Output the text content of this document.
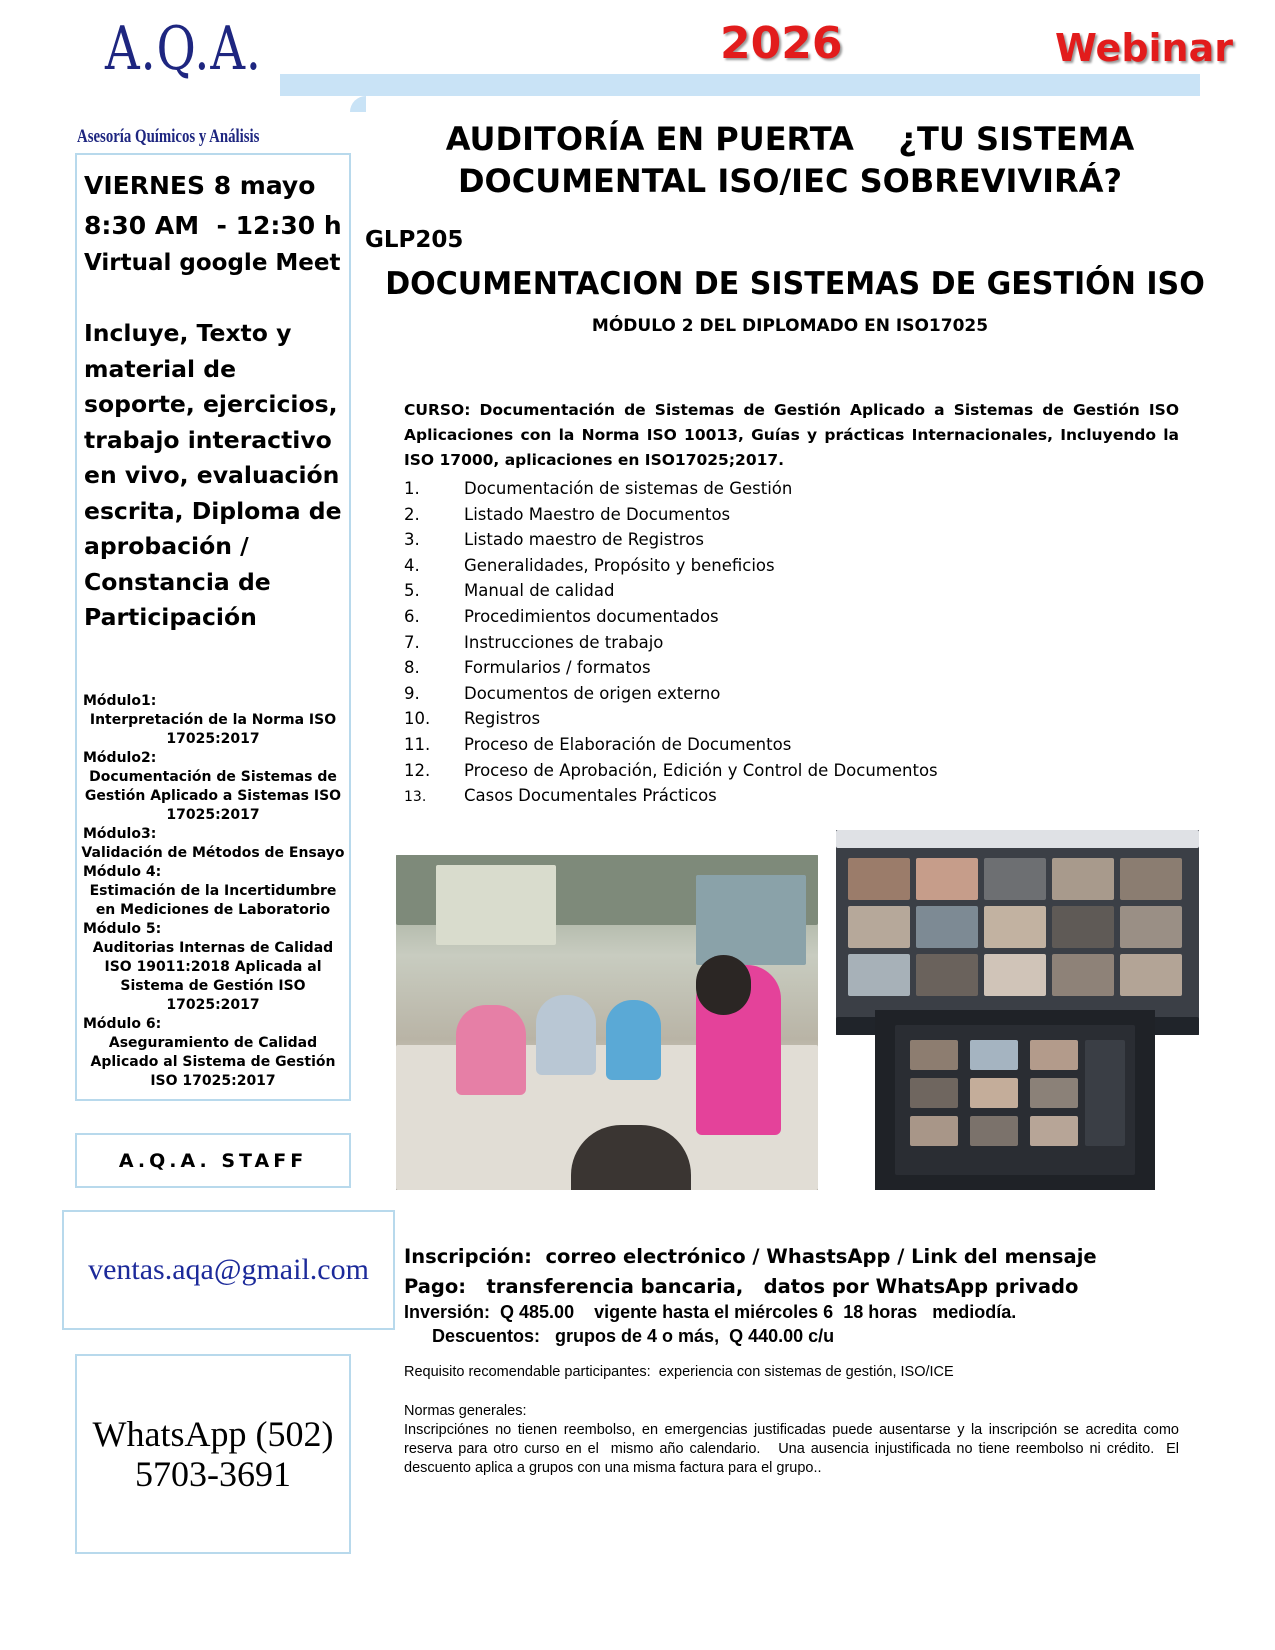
A.Q.A.
Asesoría Químicos y Análisis
2026	Webinar
AUDITORÍA EN PUERTA    ¿TU SISTEMA
DOCUMENTAL ISO/IEC SOBREVIVIRÁ?
GLP205
DOCUMENTACION DE SISTEMAS DE GESTIÓN ISO
MÓDULO 2 DEL DIPLOMADO EN ISO17025
CURSO: Documentación de Sistemas de Gestión Aplicado a Sistemas de Gestión ISO Aplicaciones con la Norma ISO 10013, Guías y prácticas Internacionales, Incluyendo la ISO 17000, aplicaciones en ISO17025;2017.
1.	Documentación de sistemas de Gestión
2.	Listado Maestro de Documentos
3.	Listado maestro de Registros
4.	Generalidades, Propósito y beneficios
5.	Manual de calidad
6.	Procedimientos documentados
7.	Instrucciones de trabajo
8.	Formularios / formatos
9.	Documentos de origen externo
10. Registros
11. Proceso de Elaboración de Documentos
12. Proceso de Aprobación, Edición y Control de Documentos
13. Casos Documentales Prácticos
VIERNES 8 mayo
8:30 AM  - 12:30 h
Virtual google Meet
Incluye, Texto y material de soporte, ejercicios, trabajo interactivo en vivo, evaluación escrita, Diploma de aprobación / Constancia de Participación
Módulo1:
Interpretación de la Norma ISO 17025:2017
Módulo2:
Documentación de Sistemas de Gestión Aplicado a Sistemas ISO 17025:2017
Módulo3:
Validación de Métodos de Ensayo
Módulo 4:
Estimación de la Incertidumbre en Mediciones de Laboratorio
Módulo 5:
Auditorias Internas de Calidad ISO 19011:2018 Aplicada al Sistema de Gestión ISO 17025:2017
Módulo 6:
Aseguramiento de Calidad Aplicado al Sistema de Gestión ISO 17025:2017
A.Q.A. STAFF
ventas.aqa@gmail.com
WhatsApp (502)
5703-3691
Inscripción:  correo electrónico / WhastsApp / Link del mensaje
Pago:   transferencia bancaria,   datos por WhatsApp privado
Inversión:  Q 485.00    vigente hasta el miércoles 6  18 horas   mediodía.
Descuentos:   grupos de 4 o más,  Q 440.00 c/u
Requisito recomendable participantes:  experiencia con sistemas de gestión, ISO/ICE
Normas generales:
Inscripciónes no tienen reembolso, en emergencias justificadas puede ausentarse y la inscripción se acredita como reserva para otro curso en el  mismo año calendario.   Una ausencia injustificada no tiene reembolso ni crédito.  El descuento aplica a grupos con una misma factura para el grupo..
